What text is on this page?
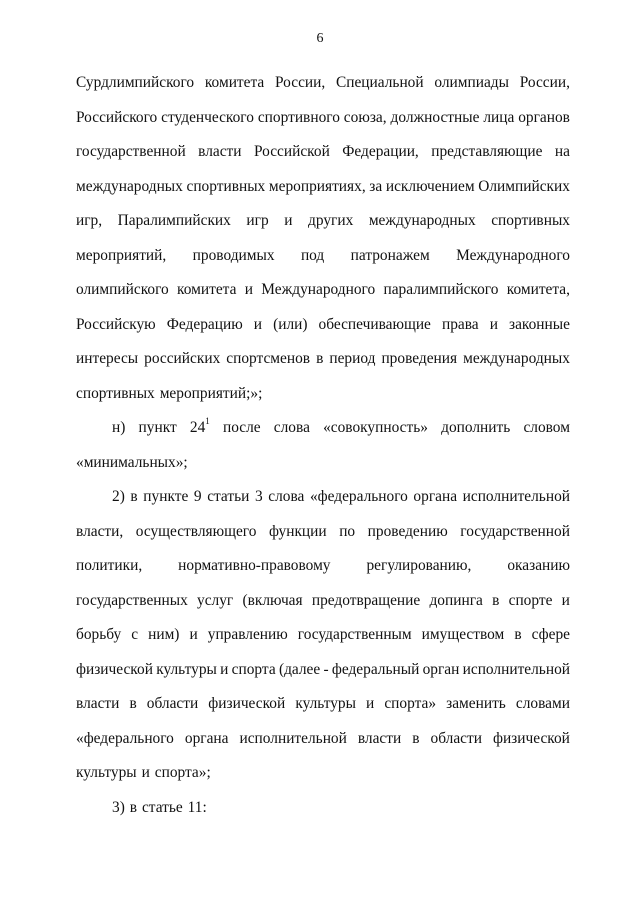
6
Сурдлимпийского комитета России, Специальной олимпиады России,
Российского студенческого спортивного союза, должностные лица органов
государственной власти Российской Федерации, представляющие на
международных спортивных мероприятиях, за исключением Олимпийских
игр, Паралимпийских игр и других международных спортивных
мероприятий, проводимых под патронажем Международного
олимпийского комитета и Международного паралимпийского комитета,
Российскую Федерацию и (или) обеспечивающие права и законные
интересы российских спортсменов в период проведения международных
спортивных мероприятий;»;
н) пункт $24^1$ после слова «совокупность» дополнить словом
«минимальных»;
2) в пункте 9 статьи 3 слова «федерального органа исполнительной
власти, осуществляющего функции по проведению государственной
политики, нормативно-правовому регулированию, оказанию
государственных услуг (включая предотвращение допинга в спорте и
борьбу с ним) и управлению государственным имуществом в сфере
физической культуры и спорта (далее - федеральный орган исполнительной
власти в области физической культуры и спорта» заменить словами
«федерального органа исполнительной власти в области физической
культуры и спорта»;
3) в статье 11:
